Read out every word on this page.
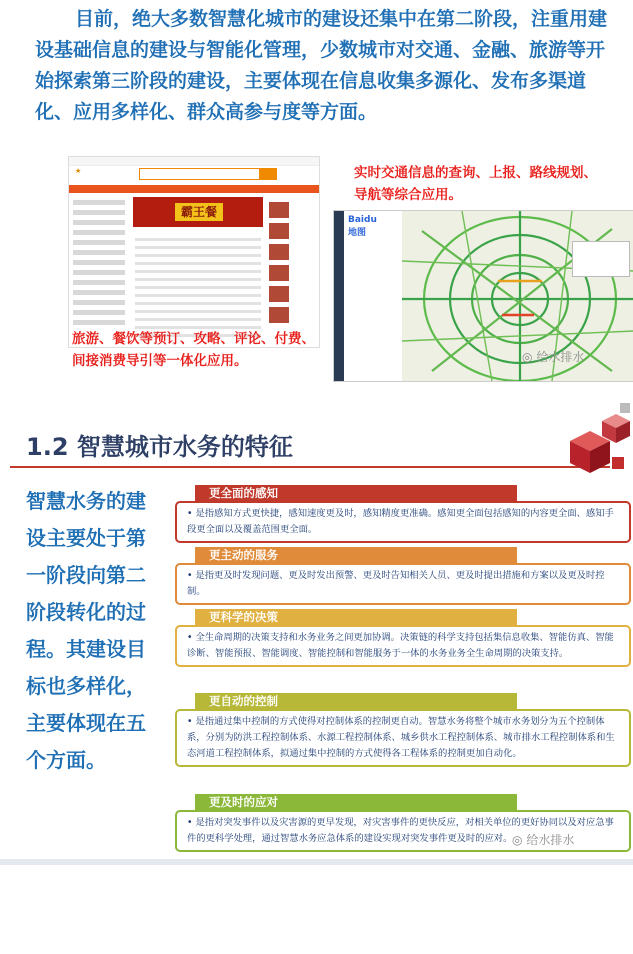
目前，绝大多数智慧化城市的建设还集中在第二阶段，注重用建设基础信息的建设与智能化管理，少数城市对交通、金融、旅游等开始探索第三阶段的建设，主要体现在信息收集多源化、发布多渠道化、应用多样化、群众高参与度等方面。

★
霸王餐
旅游、餐饮等预订、攻略、评论、付费、
间接消费导引等一体化应用。
实时交通信息的查询、上报、路线规划、
导航等综合应用。
Baidu 地图
◎ 给水排水
1.2 智慧城市水务的特征
智慧水务的建设主要处于第一阶段向第二阶段转化的过程。其建设目标也多样化，主要体现在五个方面。
更全面的感知
• 是指感知方式更快捷，感知速度更及时，感知精度更准确。感知更全面包括感知的内容更全面、感知手段更全面以及覆盖范围更全面。
更主动的服务
• 是指更及时发现问题、更及时发出预警、更及时告知相关人员、更及时提出措施和方案以及更及时控制。
更科学的决策
• 全生命周期的决策支持和水务业务之间更加协调。决策链的科学支持包括集信息收集、智能仿真、智能诊断、智能预报、智能调度、智能控制和智能服务于一体的水务业务全生命周期的决策支持。
更自动的控制
• 是指通过集中控制的方式使得对控制体系的控制更自动。智慧水务将整个城市水务划分为五个控制体系，分别为防洪工程控制体系、水源工程控制体系、城乡供水工程控制体系、城市排水工程控制体系和生态河道工程控制体系，拟通过集中控制的方式使得各工程体系的控制更加自动化。
更及时的应对
• 是指对突发事件以及灾害源的更早发现，对灾害事件的更快反应，对相关单位的更好协同以及对应急事件的更科学处理，通过智慧水务应急体系的建设实现对突发事件更及时的应对。 ◎ 给水排水
